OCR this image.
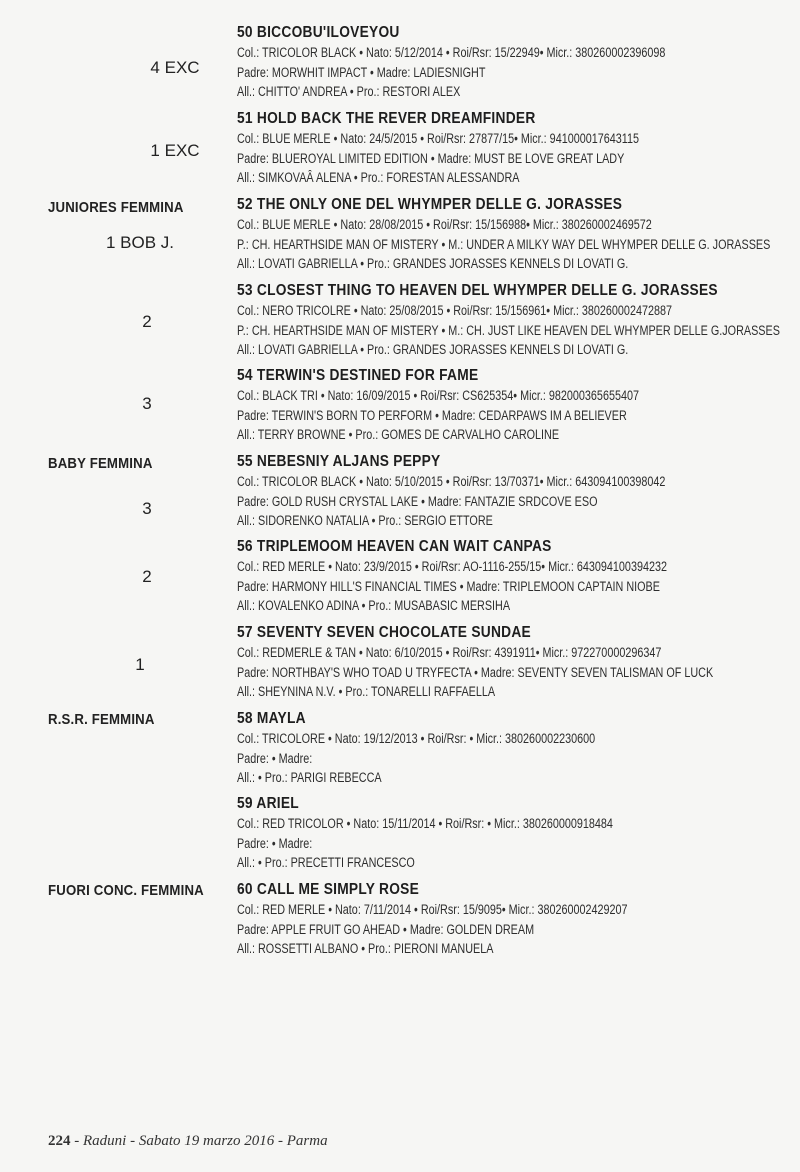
JUNIORES FEMMINA
BABY FEMMINA
R.S.R. FEMMINA
FUORI CONC. FEMMINA
4 EXC
1 EXC
1 BOB J.
2
3
3
2
1
50 BICCOBU'ILOVEYOU
Col.: TRICOLOR BLACK • Nato: 5/12/2014 • Roi/Rsr: 15/22949• Micr.: 380260002396098
Padre: MORWHIT IMPACT • Madre: LADIESNIGHT
All.: CHITTO' ANDREA • Pro.: RESTORI ALEX
51 HOLD BACK THE REVER DREAMFINDER
Col.: BLUE MERLE • Nato: 24/5/2015 • Roi/Rsr: 27877/15• Micr.: 941000017643115
Padre: BLUEROYAL LIMITED EDITION • Madre: MUST BE LOVE GREAT LADY
All.: SIMKOVAÂ ALENA • Pro.: FORESTAN ALESSANDRA
52 THE ONLY ONE DEL WHYMPER DELLE G. JORASSES
Col.: BLUE MERLE • Nato: 28/08/2015 • Roi/Rsr: 15/156988• Micr.: 380260002469572
P.: CH. HEARTHSIDE MAN OF MISTERY • M.: UNDER A MILKY WAY DEL WHYMPER DELLE G. JORASSES
All.: LOVATI GABRIELLA • Pro.: GRANDES JORASSES KENNELS DI LOVATI G.
53 CLOSEST THING TO HEAVEN DEL WHYMPER DELLE G. JORASSES
Col.: NERO TRICOLRE • Nato: 25/08/2015 • Roi/Rsr: 15/156961• Micr.: 380260002472887
P.: CH. HEARTHSIDE MAN OF MISTERY • M.: CH. JUST LIKE HEAVEN DEL WHYMPER DELLE G.JORASSES
All.: LOVATI GABRIELLA • Pro.: GRANDES JORASSES KENNELS DI LOVATI G.
54 TERWIN'S DESTINED FOR FAME
Col.: BLACK TRI • Nato: 16/09/2015 • Roi/Rsr: CS625354• Micr.: 982000365655407
Padre: TERWIN'S BORN TO PERFORM • Madre: CEDARPAWS IM A BELIEVER
All.: TERRY BROWNE • Pro.: GOMES DE CARVALHO CAROLINE
55 NEBESNIY ALJANS PEPPY
Col.: TRICOLOR BLACK • Nato: 5/10/2015 • Roi/Rsr: 13/70371• Micr.: 643094100398042
Padre: GOLD RUSH CRYSTAL LAKE • Madre: FANTAZIE SRDCOVE ESO
All.: SIDORENKO NATALIA • Pro.: SERGIO ETTORE
56 TRIPLEMOOM HEAVEN CAN WAIT CANPAS
Col.: RED MERLE • Nato: 23/9/2015 • Roi/Rsr: AO-1116-255/15• Micr.: 643094100394232
Padre: HARMONY HILL'S FINANCIAL TIMES • Madre: TRIPLEMOON CAPTAIN NIOBE
All.: KOVALENKO ADINA • Pro.: MUSABASIC MERSIHA
57 SEVENTY SEVEN CHOCOLATE SUNDAE
Col.: REDMERLE & TAN • Nato: 6/10/2015 • Roi/Rsr: 4391911• Micr.: 972270000296347
Padre: NORTHBAY'S WHO TOAD U TRYFECTA • Madre: SEVENTY SEVEN TALISMAN OF LUCK
All.: SHEYNINA N.V. • Pro.: TONARELLI RAFFAELLA
58 MAYLA
Col.: TRICOLORE • Nato: 19/12/2013 • Roi/Rsr: • Micr.: 380260002230600
Padre: • Madre:
All.: • Pro.: PARIGI REBECCA
59 ARIEL
Col.: RED TRICOLOR • Nato: 15/11/2014 • Roi/Rsr: • Micr.: 380260000918484
Padre: • Madre:
All.: • Pro.: PRECETTI FRANCESCO
60 CALL ME SIMPLY ROSE
Col.: RED MERLE • Nato: 7/11/2014 • Roi/Rsr: 15/9095• Micr.: 380260002429207
Padre: APPLE FRUIT GO AHEAD • Madre: GOLDEN DREAM
All.: ROSSETTI ALBANO • Pro.: PIERONI MANUELA
224 - Raduni - Sabato 19 marzo 2016 - Parma
